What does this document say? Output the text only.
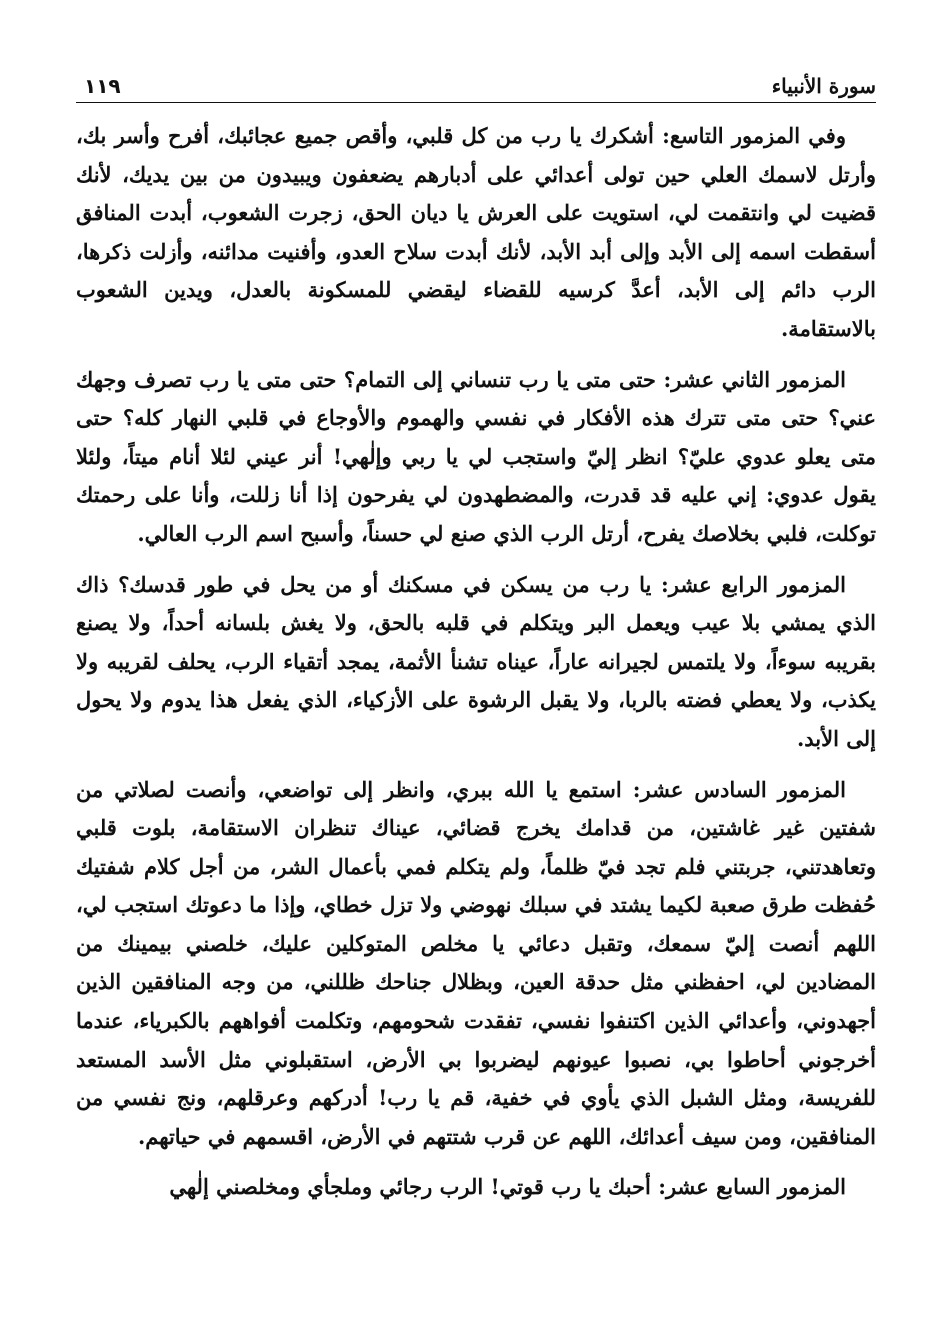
سورة الأنبياء
١١٩

وفي المزمور التاسع: أشكرك يا رب من كل قلبي، وأقص جميع عجائبك، أفرح وأسر بك، وأرتل لاسمك العلي حين تولى أعدائي على أدبارهم يضعفون ويبيدون من بين يديك، لأنك قضيت لي وانتقمت لي، استويت على العرش يا ديان الحق، زجرت الشعوب، أبدت المنافق أسقطت اسمه إلى الأبد وإلى أبد الأبد، لأنك أبدت سلاح العدو، وأفنيت مدائنه، وأزلت ذكرها، الرب دائم إلى الأبد، أعدَّ كرسيه للقضاء ليقضي للمسكونة بالعدل، ويدين الشعوب بالاستقامة.

المزمور الثاني عشر: حتى متى يا رب تنساني إلى التمام؟ حتى متى يا رب تصرف وجهك عني؟ حتى متى تترك هذه الأفكار في نفسي والهموم والأوجاع في قلبي النهار كله؟ حتى متى يعلو عدوي عليّ؟ انظر إليّ واستجب لي يا ربي وإلٰهي! أنر عيني لئلا أنام ميتاً، ولئلا يقول عدوي: إني عليه قد قدرت، والمضطهدون لي يفرحون إذا أنا زللت، وأنا على رحمتك توكلت، فلبي بخلاصك يفرح، أرتل الرب الذي صنع لي حسناً، وأسبح اسم الرب العالي.

المزمور الرابع عشر: يا رب من يسكن في مسكنك أو من يحل في طور قدسك؟ ذاك الذي يمشي بلا عيب ويعمل البر ويتكلم في قلبه بالحق، ولا يغش بلسانه أحداً، ولا يصنع بقريبه سوءاً، ولا يلتمس لجيرانه عاراً، عيناه تشنأ الأثمة، يمجد أتقياء الرب، يحلف لقريبه ولا يكذب، ولا يعطي فضته بالربا، ولا يقبل الرشوة على الأزكياء، الذي يفعل هذا يدوم ولا يحول إلى الأبد.

المزمور السادس عشر: استمع يا الله ببري، وانظر إلى تواضعي، وأنصت لصلاتي من شفتين غير غاشتين، من قدامك يخرج قضائي، عيناك تنظران الاستقامة، بلوت قلبي وتعاهدتني، جربتني فلم تجد فيّ ظلماً، ولم يتكلم فمي بأعمال الشر، من أجل كلام شفتيك حُفظت طرق صعبة لكيما يشتد في سبلك نهوضي ولا تزل خطاي، وإذا ما دعوتك استجب لي، اللهم أنصت إليّ سمعك، وتقبل دعائي يا مخلص المتوكلين عليك، خلصني بيمينك من المضادين لي، احفظني مثل حدقة العين، وبظلال جناحك ظللني، من وجه المنافقين الذين أجهدوني، وأعدائي الذين اكتنفوا نفسي، تفقدت شحومهم، وتكلمت أفواههم بالكبرياء، عندما أخرجوني أحاطوا بي، نصبوا عيونهم ليضربوا بي الأرض، استقبلوني مثل الأسد المستعد للفريسة، ومثل الشبل الذي يأوي في خفية، قم يا رب! أدركهم وعرقلهم، ونج نفسي من المنافقين، ومن سيف أعدائك، اللهم عن قرب شتتهم في الأرض، اقسمهم في حياتهم.

المزمور السابع عشر: أحبك يا رب قوتي! الرب رجائي وملجأي ومخلصني إلٰهي
